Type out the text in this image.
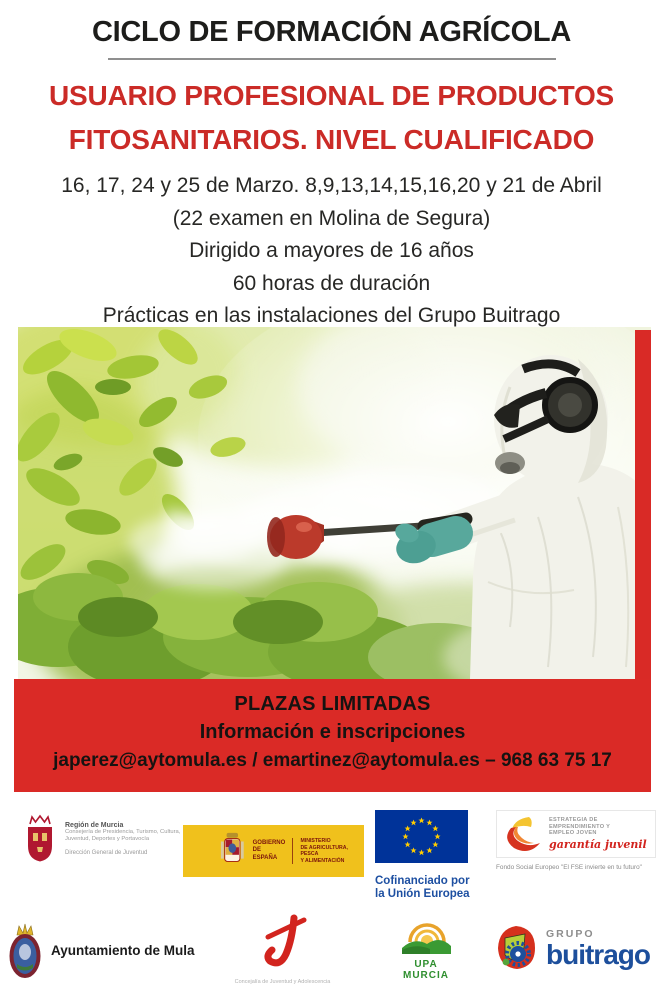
CICLO DE FORMACIÓN AGRÍCOLA
USUARIO PROFESIONAL DE PRODUCTOS
FITOSANITARIOS. NIVEL CUALIFICADO
16, 17, 24 y 25 de Marzo. 8,9,13,14,15,16,20 y 21 de Abril
(22 examen en Molina de Segura)
Dirigido a mayores de 16 años
60 horas de duración
Prácticas en las instalaciones del Grupo Buitrago
PLAZAS LIMITADAS
Información e inscripciones
japerez@aytomula.es / emartinez@aytomula.es – 968 63 75 17
Región de Murcia
Consejería de Presidencia, Turismo, Cultura,
Juventud, Deportes y Portavocía
Dirección General de Juventud
GOBIERNO
DE ESPAÑA
MINISTERIO
DE AGRICULTURA, PESCA
Y ALIMENTACIÓN
Cofinanciado por
la Unión Europea
ESTRATEGIA DE
EMPRENDIMIENTO Y
EMPLEO JOVEN
garantía juvenil
Fondo Social Europeo "El FSE invierte en tu futuro"
Ayuntamiento de Mula
Concejalía de Juventud y Adolescencia
UPA
MURCIA
GRUPO
buitrago
